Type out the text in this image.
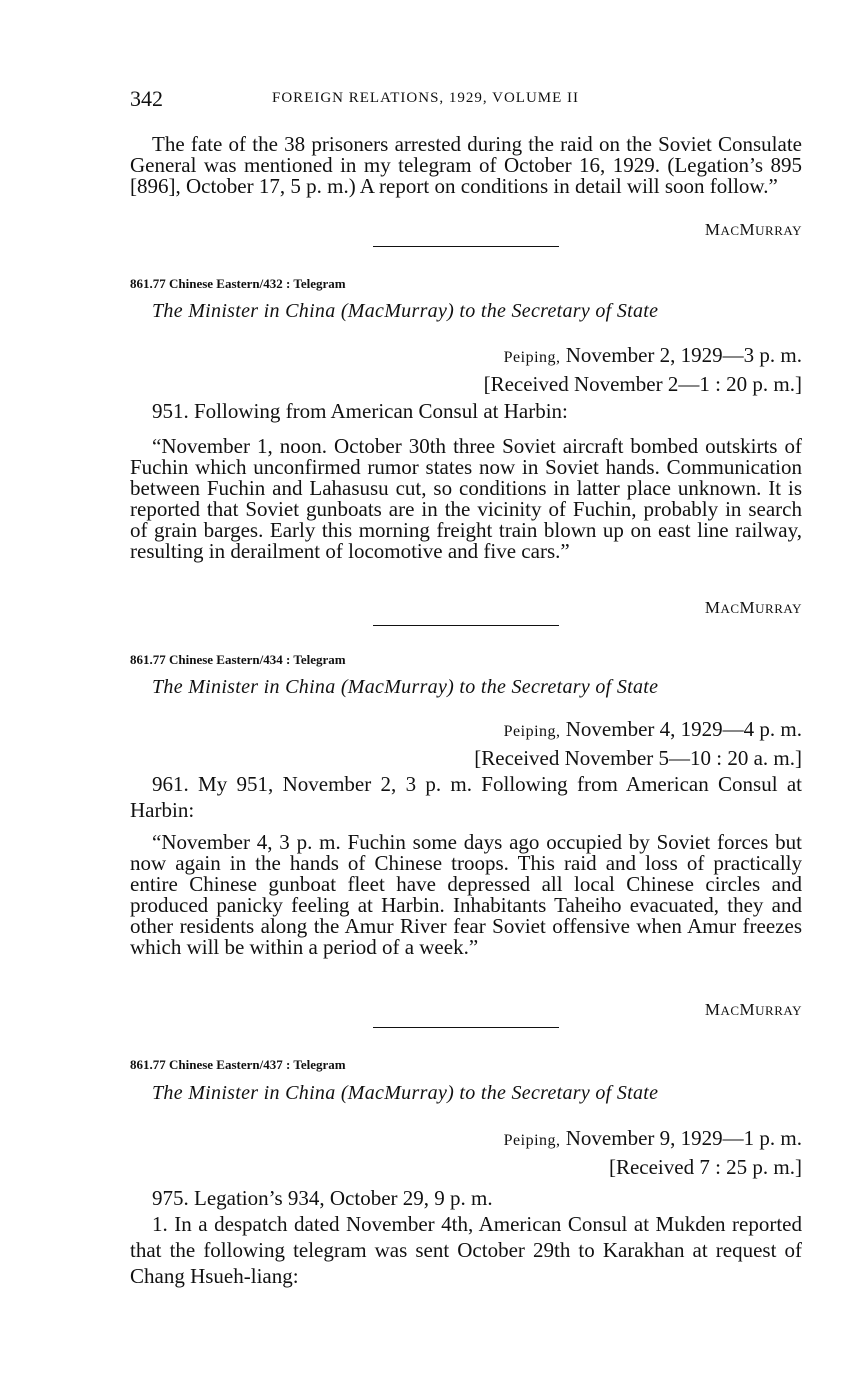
342	FOREIGN RELATIONS, 1929, VOLUME II
The fate of the 38 prisoners arrested during the raid on the Soviet Consulate General was mentioned in my telegram of October 16, 1929. (Legation’s 895 [896], October 17, 5 p. m.) A report on conditions in detail will soon follow.”
MACMURRAY
861.77 Chinese Eastern/432 : Telegram
The Minister in China (MacMurray) to the Secretary of State
Peiping, November 2, 1929—3 p. m.
[Received November 2—1 : 20 p. m.]
951. Following from American Consul at Harbin:
“November 1, noon. October 30th three Soviet aircraft bombed outskirts of Fuchin which unconfirmed rumor states now in Soviet hands. Communication between Fuchin and Lahasusu cut, so conditions in latter place unknown. It is reported that Soviet gunboats are in the vicinity of Fuchin, probably in search of grain barges. Early this morning freight train blown up on east line railway, resulting in derailment of locomotive and five cars.”
MACMURRAY
861.77 Chinese Eastern/434 : Telegram
The Minister in China (MacMurray) to the Secretary of State
Peiping, November 4, 1929—4 p. m.
[Received November 5—10 : 20 a. m.]
961. My 951, November 2, 3 p. m. Following from American Consul at Harbin:
“November 4, 3 p. m. Fuchin some days ago occupied by Soviet forces but now again in the hands of Chinese troops. This raid and loss of practically entire Chinese gunboat fleet have depressed all local Chinese circles and produced panicky feeling at Harbin. Inhabitants Taheiho evacuated, they and other residents along the Amur River fear Soviet offensive when Amur freezes which will be within a period of a week.”
MACMURRAY
861.77 Chinese Eastern/437 : Telegram
The Minister in China (MacMurray) to the Secretary of State
Peiping, November 9, 1929—1 p. m.
[Received 7 : 25 p. m.]
975. Legation’s 934, October 29, 9 p. m.
1. In a despatch dated November 4th, American Consul at Mukden reported that the following telegram was sent October 29th to Karakhan at request of Chang Hsueh-liang:
